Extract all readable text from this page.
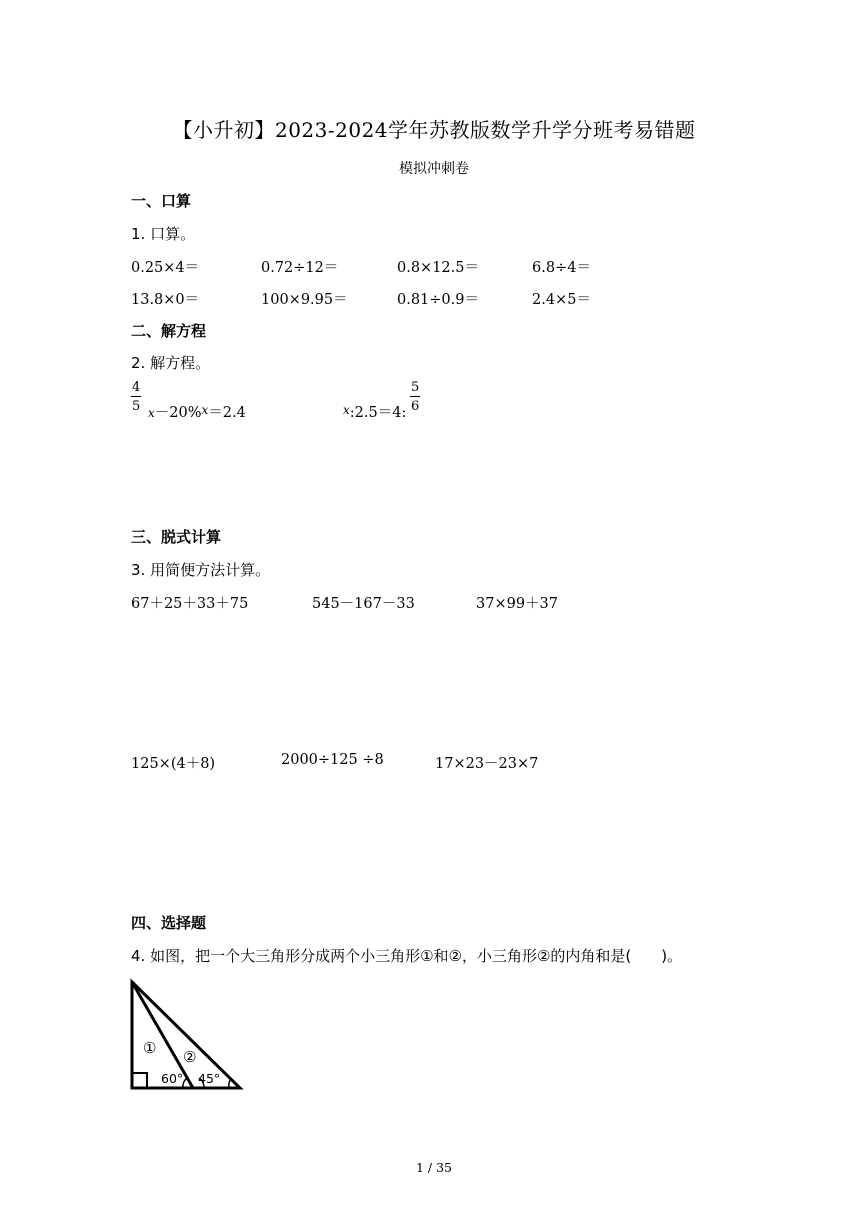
【小升初】2023-2024学年苏教版数学升学分班考易错题
模拟冲刺卷
一、口算
1. 口算。
0.25×4＝	0.72÷12＝	0.8×12.5＝	6.8÷4＝
13.8×0＝	100×9.95＝	0.81÷0.9＝	2.4×5＝
二、解方程
2. 解方程。
$\frac{4}{5} x-20\%x=2.4$	x:2.5＝4: $\frac{5}{6}$
三、脱式计算
3. 用简便方法计算。
67＋25＋33＋75	545－167－33	37×99＋37
125×(4＋8)	2000÷125 ÷8	17×23－23×7
四、选择题
4. 如图，把一个大三角形分成两个小三角形①和②，小三角形②的内角和是(　　)。
① ②
60° 45°
1 / 35
